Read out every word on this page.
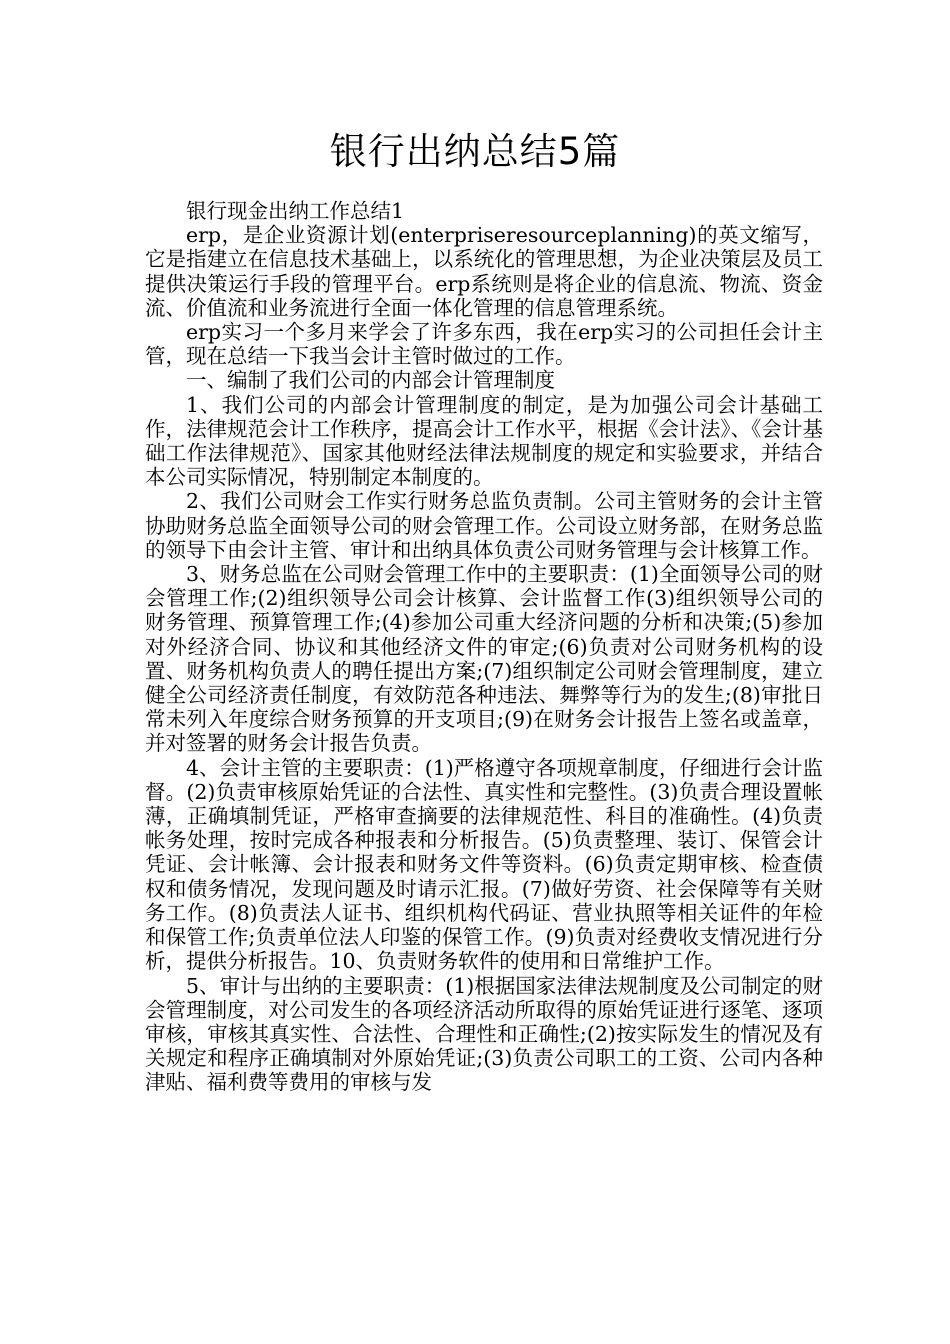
银行出纳总结5篇

银行现金出纳工作总结1

erp，是企业资源计划(enterpriseresourceplanning)的英文缩写，它是指建立在信息技术基础上，以系统化的管理思想，为企业决策层及员工提供决策运行手段的管理平台。erp系统则是将企业的信息流、物流、资金流、价值流和业务流进行全面一体化管理的信息管理系统。

erp实习一个多月来学会了许多东西，我在erp实习的公司担任会计主管，现在总结一下我当会计主管时做过的工作。

一、编制了我们公司的内部会计管理制度

1、我们公司的内部会计管理制度的制定，是为加强公司会计基础工作，法律规范会计工作秩序，提高会计工作水平，根据《会计法》、《会计基础工作法律规范》、国家其他财经法律法规制度的规定和实验要求，并结合本公司实际情况，特别制定本制度的。

2、我们公司财会工作实行财务总监负责制。公司主管财务的会计主管协助财务总监全面领导公司的财会管理工作。公司设立财务部，在财务总监的领导下由会计主管、审计和出纳具体负责公司财务管理与会计核算工作。

3、财务总监在公司财会管理工作中的主要职责：(1)全面领导公司的财会管理工作;(2)组织领导公司会计核算、会计监督工作(3)组织领导公司的财务管理、预算管理工作;(4)参加公司重大经济问题的分析和决策;(5)参加对外经济合同、协议和其他经济文件的审定;(6)负责对公司财务机构的设置、财务机构负责人的聘任提出方案;(7)组织制定公司财会管理制度，建立健全公司经济责任制度，有效防范各种违法、舞弊等行为的发生;(8)审批日常未列入年度综合财务预算的开支项目;(9)在财务会计报告上签名或盖章，并对签署的财务会计报告负责。

4、会计主管的主要职责：(1)严格遵守各项规章制度，仔细进行会计监督。(2)负责审核原始凭证的合法性、真实性和完整性。(3)负责合理设置帐薄，正确填制凭证，严格审查摘要的法律规范性、科目的准确性。(4)负责帐务处理，按时完成各种报表和分析报告。(5)负责整理、装订、保管会计凭证、会计帐簿、会计报表和财务文件等资料。(6)负责定期审核、检查债权和债务情况，发现问题及时请示汇报。(7)做好劳资、社会保障等有关财务工作。(8)负责法人证书、组织机构代码证、营业执照等相关证件的年检和保管工作;负责单位法人印鉴的保管工作。(9)负责对经费收支情况进行分析，提供分析报告。10、负责财务软件的使用和日常维护工作。

5、审计与出纳的主要职责：(1)根据国家法律法规制度及公司制定的财会管理制度，对公司发生的各项经济活动所取得的原始凭证进行逐笔、逐项审核，审核其真实性、合法性、合理性和正确性;(2)按实际发生的情况及有关规定和程序正确填制对外原始凭证;(3)负责公司职工的工资、公司内各种津贴、福利费等费用的审核与发
